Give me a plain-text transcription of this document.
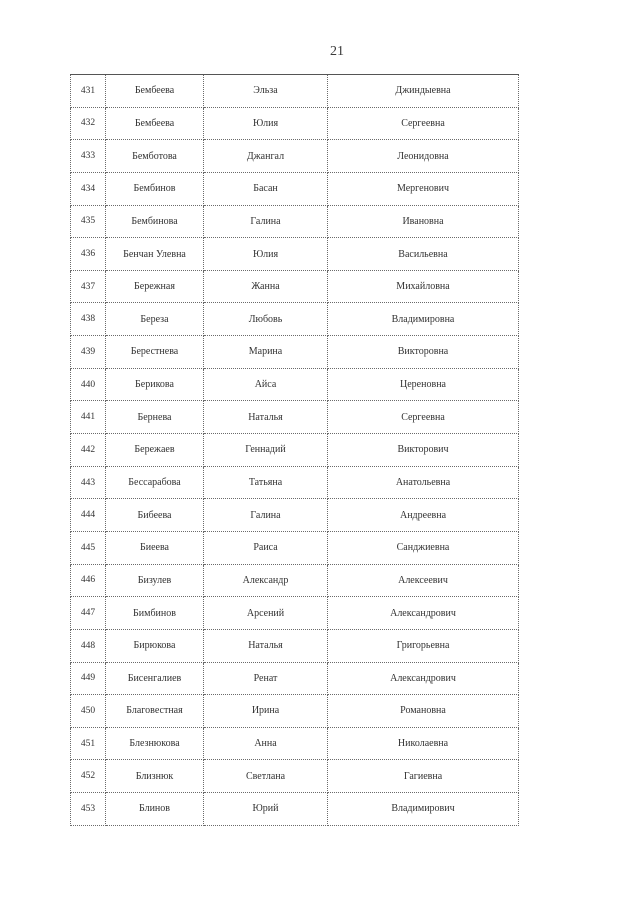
21
431	Бембеева	Эльза	Джиндыевна
432	Бембеева	Юлия	Сергеевна
433	Бемботова	Джангал	Леонидовна
434	Бембинов	Басан	Мергенович
435	Бембинова	Галина	Ивановна
436	Бенчан Улевна	Юлия	Васильевна
437	Бережная	Жанна	Михайловна
438	Береза	Любовь	Владимировна
439	Берестнева	Марина	Викторовна
440	Берикова	Айса	Цереновна
441	Бернева	Наталья	Сергеевна
442	Бережаев	Геннадий	Викторович
443	Бессарабова	Татьяна	Анатольевна
444	Бибеева	Галина	Андреевна
445	Биеева	Раиса	Санджиевна
446	Бизулев	Александр	Алексеевич
447	Бимбинов	Арсений	Александрович
448	Бирюкова	Наталья	Григорьевна
449	Бисенгалиев	Ренат	Александрович
450	Благовестная	Ирина	Романовна
451	Блезнюкова	Анна	Николаевна
452	Близнюк	Светлана	Гагиевна
453	Блинов	Юрий	Владимирович
